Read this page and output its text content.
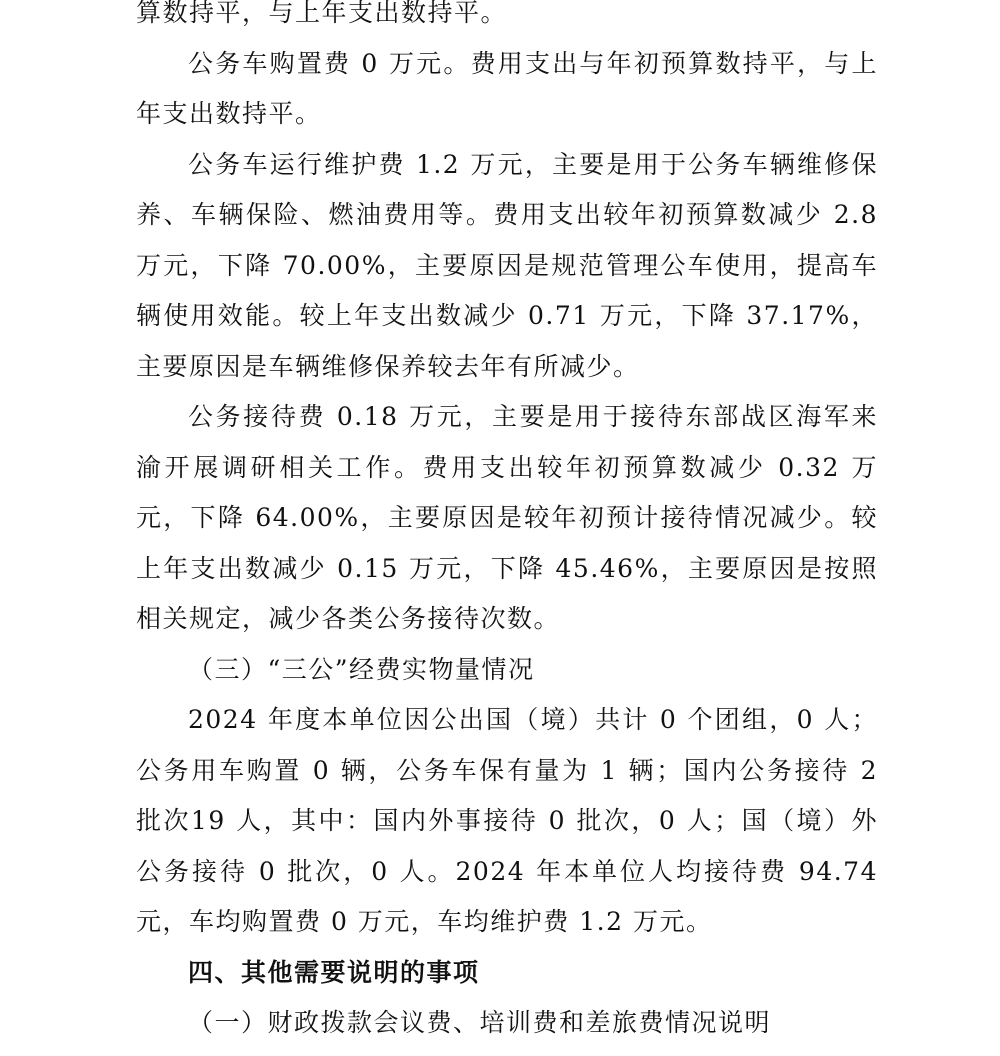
算数持平，与上年支出数持平。

公务车购置费 0 万元。费用支出与年初预算数持平，与上年支出数持平。

公务车运行维护费 1.2 万元，主要是用于公务车辆维修保养、车辆保险、燃油费用等。费用支出较年初预算数减少 2.8 万元，下降 70.00%，主要原因是规范管理公车使用，提高车辆使用效能。较上年支出数减少 0.71 万元，下降 37.17%，主要原因是车辆维修保养较去年有所减少。

公务接待费 0.18 万元，主要是用于接待东部战区海军来渝开展调研相关工作。费用支出较年初预算数减少 0.32 万元，下降 64.00%，主要原因是较年初预计接待情况减少。较上年支出数减少 0.15 万元，下降 45.46%，主要原因是按照相关规定，减少各类公务接待次数。

（三）“三公”经费实物量情况

2024 年度本单位因公出国（境）共计 0 个团组，0 人；公务用车购置 0 辆，公务车保有量为 1 辆；国内公务接待 2 批次19 人，其中：国内外事接待 0 批次，0 人；国（境）外公务接待 0 批次，0 人。2024 年本单位人均接待费 94.74 元，车均购置费 0 万元，车均维护费 1.2 万元。

四、其他需要说明的事项

（一）财政拨款会议费、培训费和差旅费情况说明
